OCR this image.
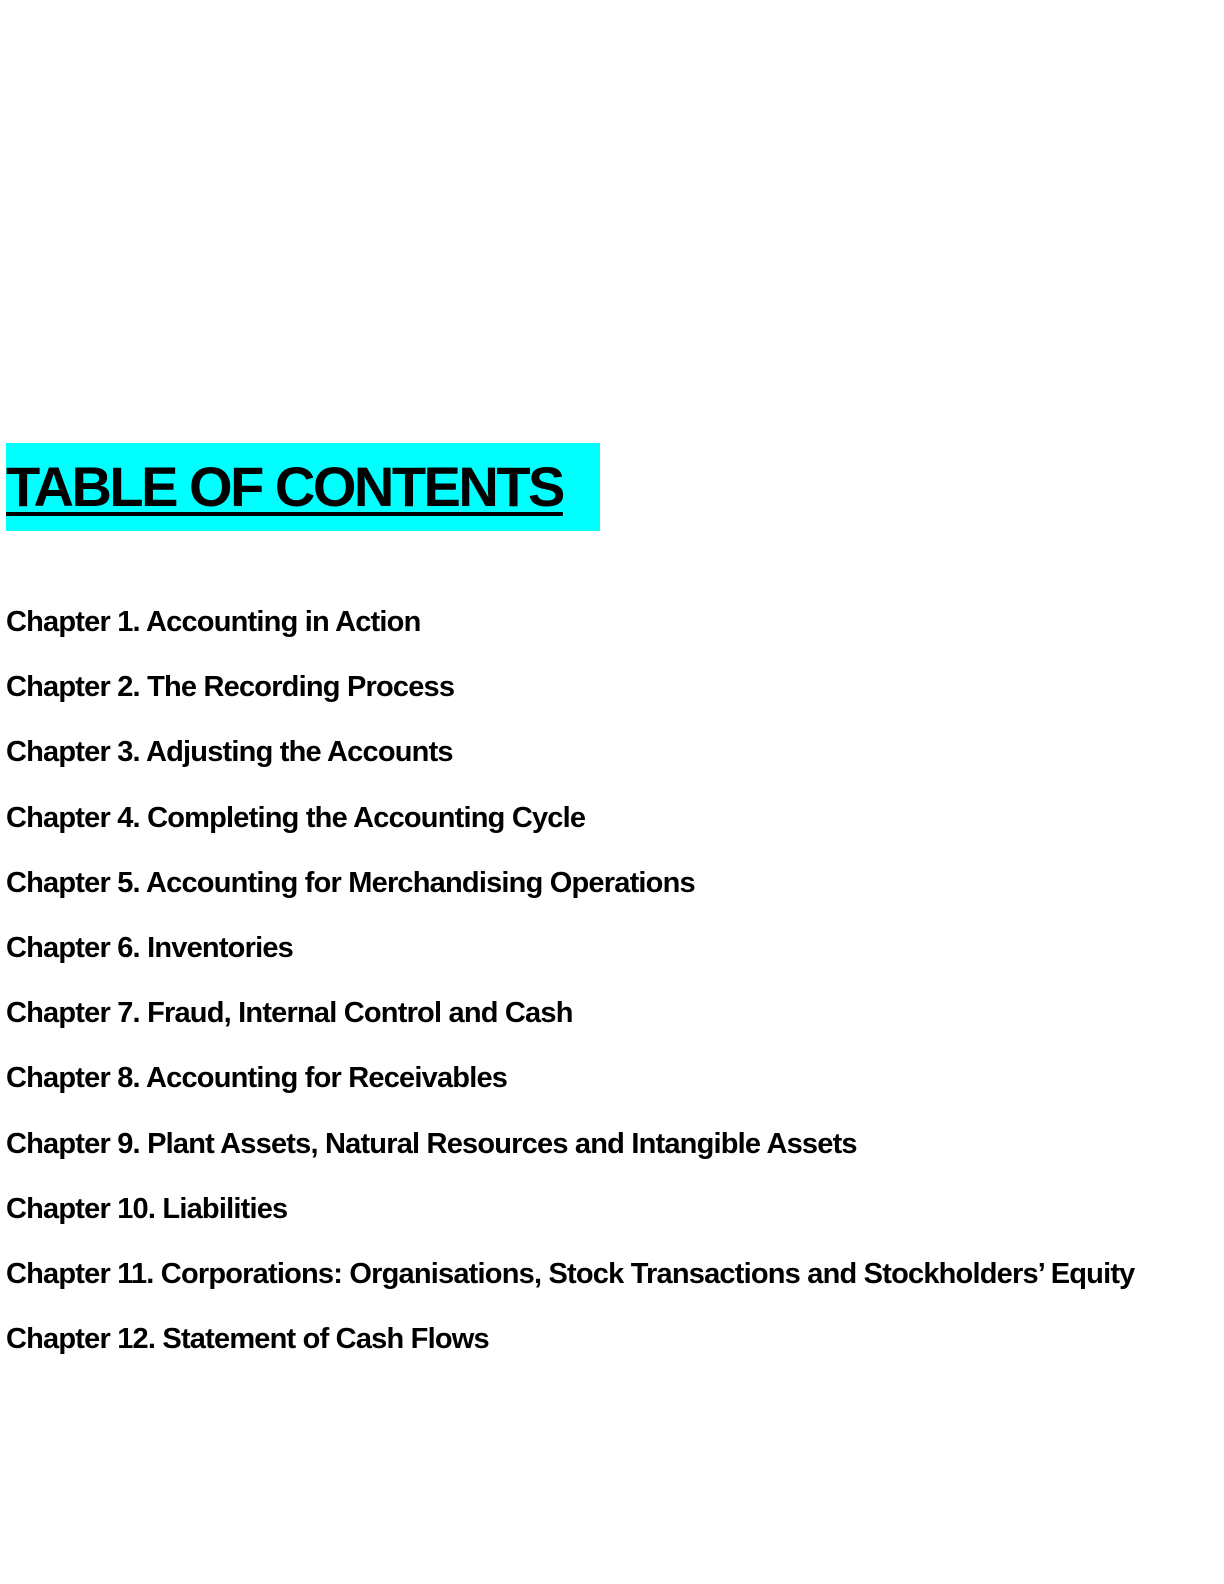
TABLE OF CONTENTS
Chapter 1. Accounting in Action
Chapter 2. The Recording Process
Chapter 3. Adjusting the Accounts
Chapter 4. Completing the Accounting Cycle
Chapter 5. Accounting for Merchandising Operations
Chapter 6. Inventories
Chapter 7. Fraud, Internal Control and Cash
Chapter 8. Accounting for Receivables
Chapter 9. Plant Assets, Natural Resources and Intangible Assets
Chapter 10. Liabilities
Chapter 11. Corporations: Organisations, Stock Transactions and Stockholders’ Equity
Chapter 12. Statement of Cash Flows
